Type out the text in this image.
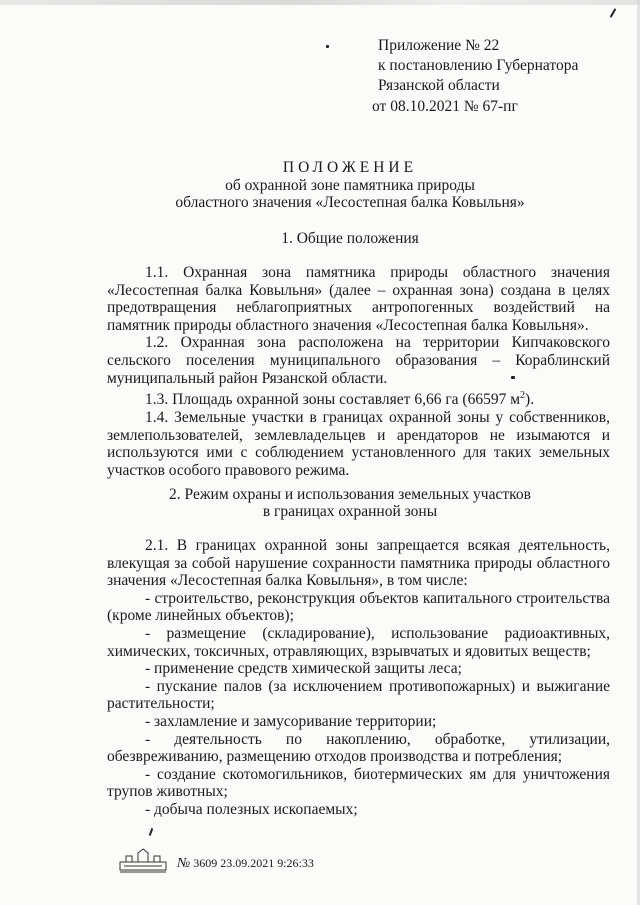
Приложение № 22
к постановлению Губернатора
Рязанской области
от 08.10.2021 № 67-пг
ПОЛОЖЕНИЕ
об охранной зоне памятника природы
областного значения «Лесостепная балка Ковыльня»
1. Общие положения
1.1. Охранная зона памятника природы областного значения «Лесостепная балка Ковыльня» (далее – охранная зона) создана в целях предотвращения неблагоприятных антропогенных воздействий на памятник природы областного значения «Лесостепная балка Ковыльня».
1.2. Охранная зона расположена на территории Кипчаковского сельского поселения муниципального образования – Кораблинский муниципальный район Рязанской области.
1.3. Площадь охранной зоны составляет 6,66 га (66597 $м^2$).
1.4. Земельные участки в границах охранной зоны у собственников, землепользователей, землевладельцев и арендаторов не изымаются и используются ими с соблюдением установленного для таких земельных участков особого правового режима.
2. Режим охраны и использования земельных участков
в границах охранной зоны
2.1. В границах охранной зоны запрещается всякая деятельность, влекущая за собой нарушение сохранности памятника природы областного значения «Лесостепная балка Ковыльня», в том числе:
- строительство, реконструкция объектов капитального строительства (кроме линейных объектов);
- размещение (складирование), использование радиоактивных, химических, токсичных, отравляющих, взрывчатых и ядовитых веществ;
- применение средств химической защиты леса;
- пускание палов (за исключением противопожарных) и выжигание растительности;
- захламление и замусоривание территории;
- деятельность по накоплению, обработке, утилизации, обезвреживанию, размещению отходов производства и потребления;
- создание скотомогильников, биотермических ям для уничтожения трупов животных;
- добыча полезных ископаемых;
№ 3609 23.09.2021 9:26:33
